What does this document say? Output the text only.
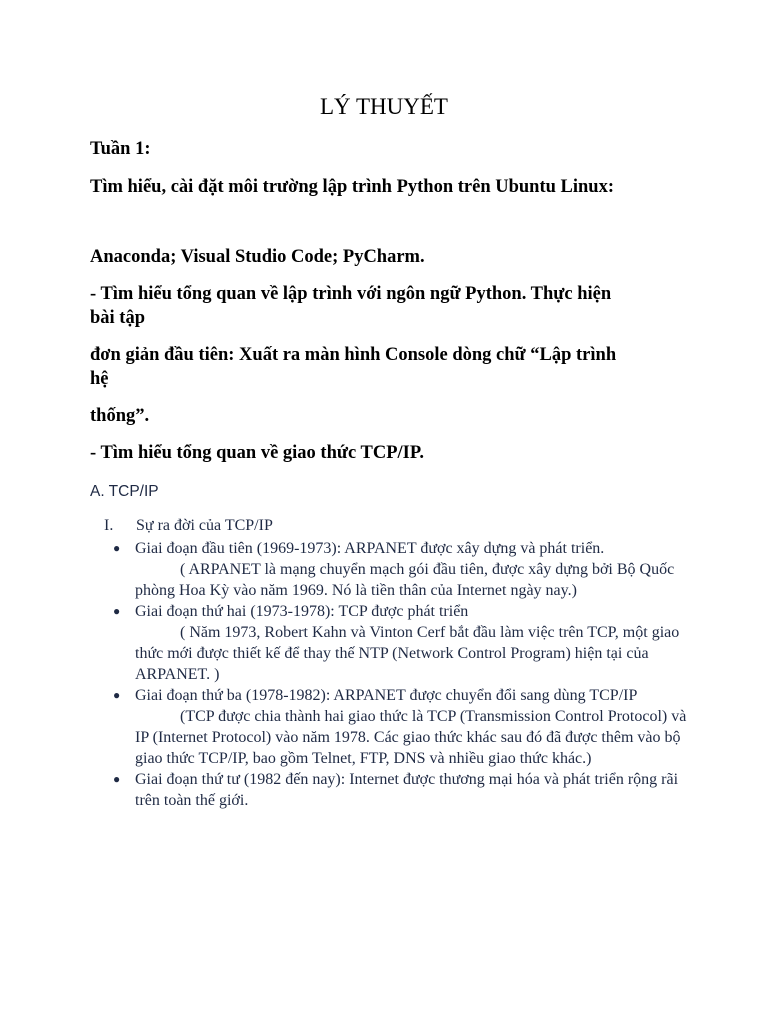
LÝ THUYẾT

Tuần 1:

Tìm hiểu, cài đặt môi trường lập trình Python trên Ubuntu Linux:

Anaconda; Visual Studio Code; PyCharm.

- Tìm hiểu tổng quan về lập trình với ngôn ngữ Python. Thực hiện

bài tập

đơn giản đầu tiên: Xuất ra màn hình Console dòng chữ “Lập trình

hệ

thống”.

- Tìm hiểu tổng quan về giao thức TCP/IP.

A. TCP/IP

I. Sự ra đời của TCP/IP

● Giai đoạn đầu tiên (1969-1973): ARPANET được xây dựng và phát triển.
( ARPANET là mạng chuyển mạch gói đầu tiên, được xây dựng bởi Bộ Quốc phòng Hoa Kỳ vào năm 1969. Nó là tiền thân của Internet ngày nay.)
● Giai đoạn thứ hai (1973-1978): TCP được phát triển
( Năm 1973, Robert Kahn và Vinton Cerf bắt đầu làm việc trên TCP, một giao thức mới được thiết kế để thay thế NTP (Network Control Program) hiện tại của ARPANET. )
● Giai đoạn thứ ba (1978-1982): ARPANET được chuyển đổi sang dùng TCP/IP
(TCP được chia thành hai giao thức là TCP (Transmission Control Protocol) và IP (Internet Protocol) vào năm 1978. Các giao thức khác sau đó đã được thêm vào bộ giao thức TCP/IP, bao gồm Telnet, FTP, DNS và nhiều giao thức khác.)
● Giai đoạn thứ tư (1982 đến nay): Internet được thương mại hóa và phát triển rộng rãi trên toàn thế giới.
